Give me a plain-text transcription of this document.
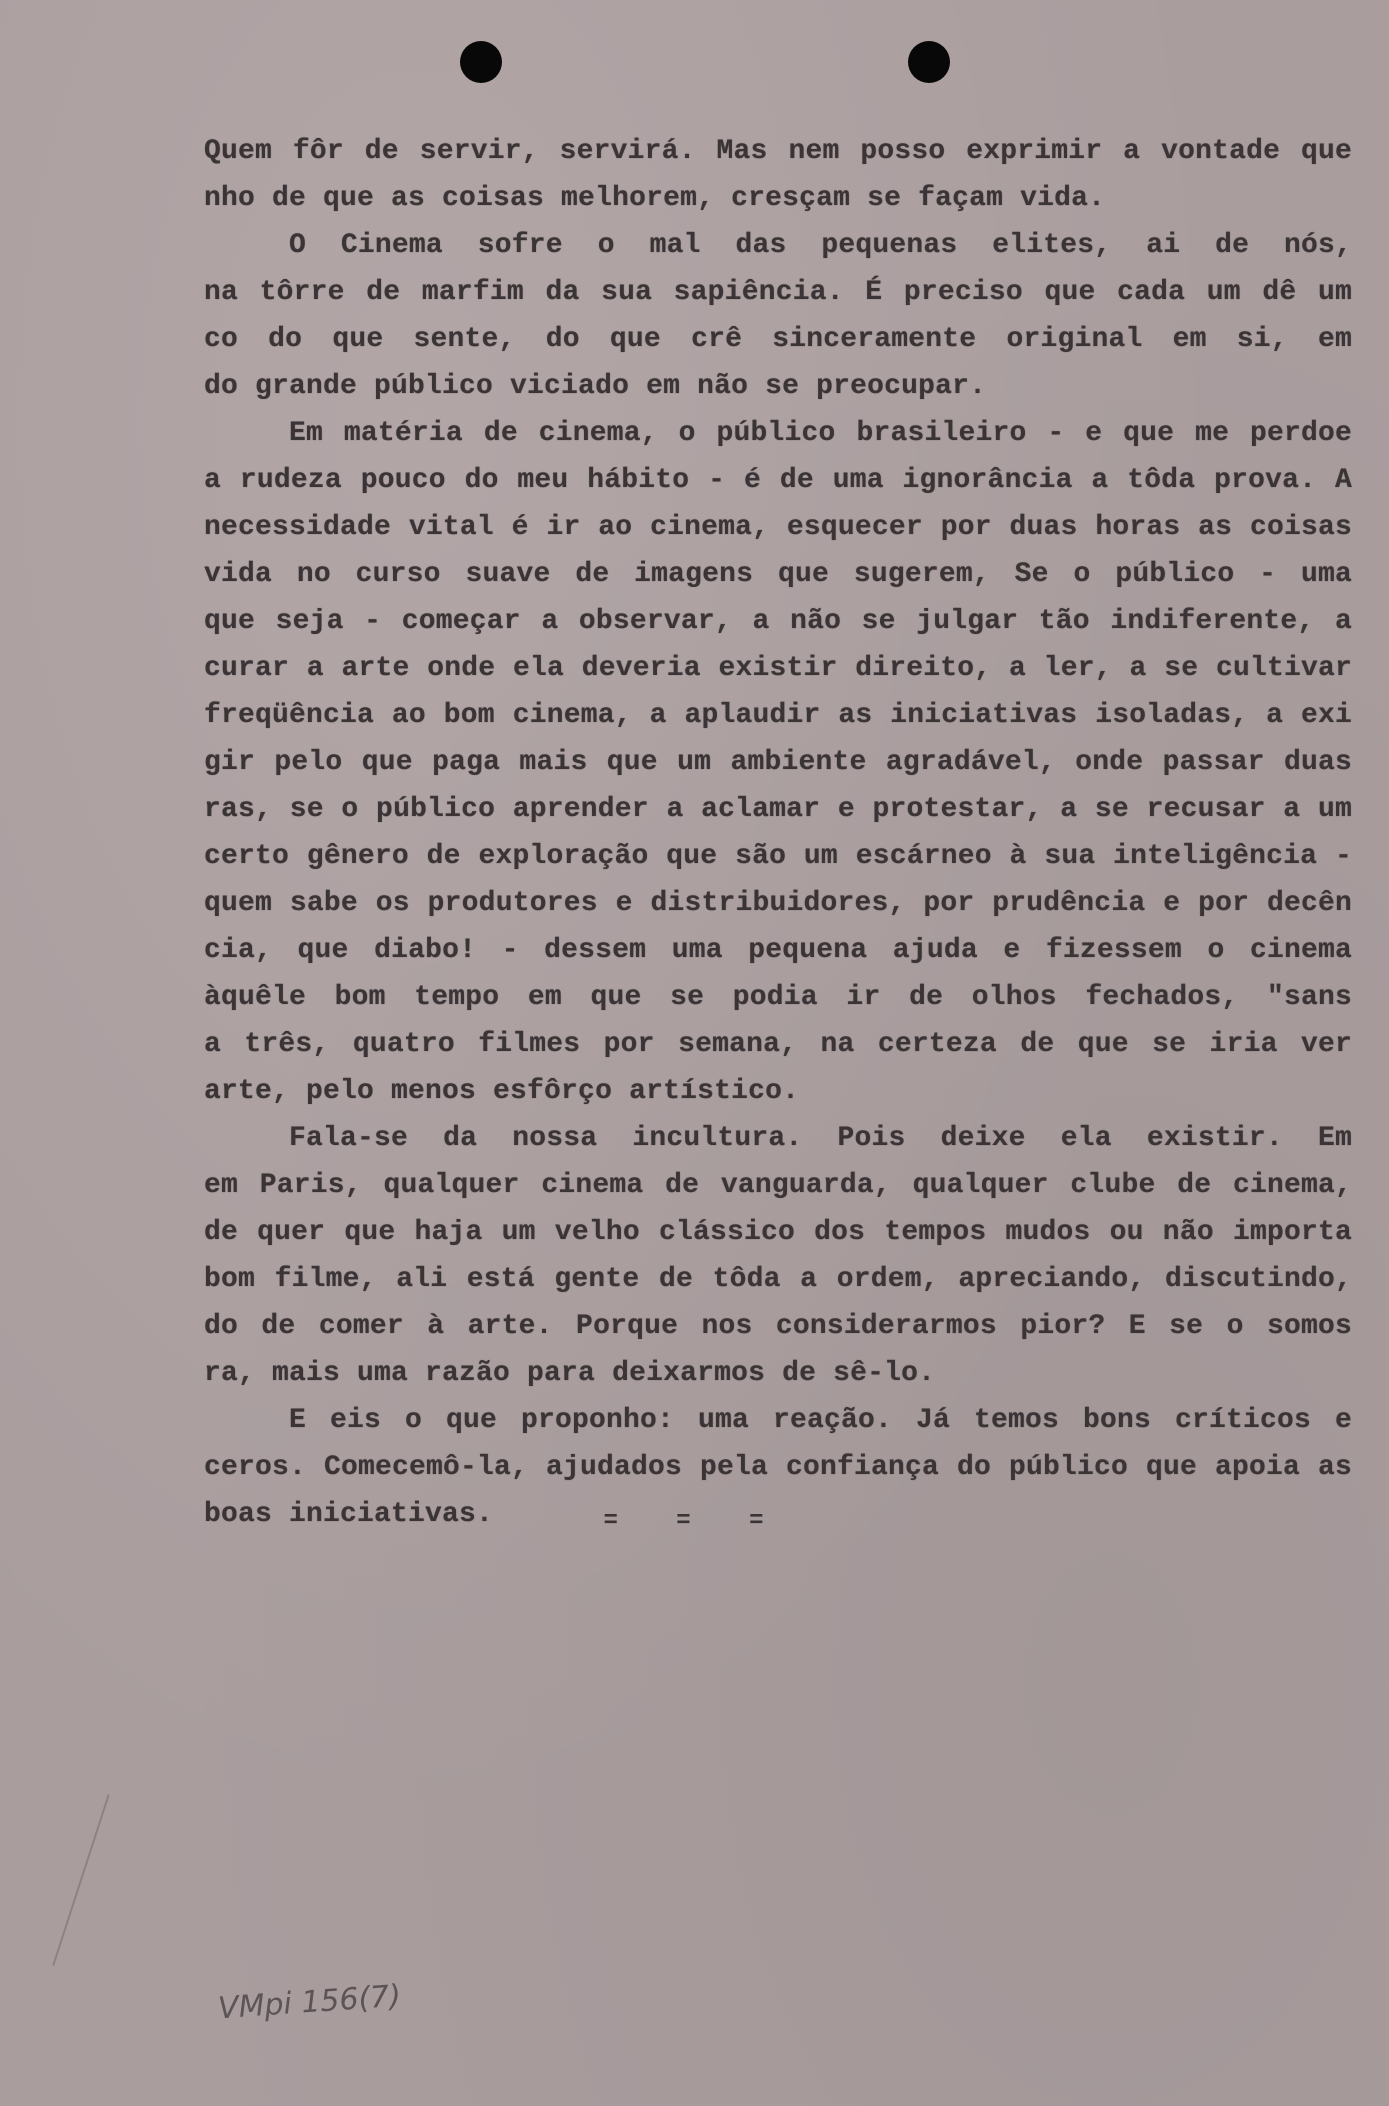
Quem fôr de servir, servirá. Mas nem posso exprimir a vontade que
nho de que as coisas melhorem, cresçam se façam vida.
O Cinema sofre o mal das pequenas elites, ai de nós,
na tôrre de marfim da sua sapiência. É preciso que cada um dê um
co do que sente, do que crê sinceramente original em si, em
do grande público viciado em não se preocupar.
Em matéria de cinema, o público brasileiro - e que me perdoe
a rudeza pouco do meu hábito - é de uma ignorância a tôda prova. A
necessidade vital é ir ao cinema, esquecer por duas horas as coisas
vida no curso suave de imagens que sugerem, Se o público - uma
que seja - começar a observar, a não se julgar tão indiferente, a
curar a arte onde ela deveria existir direito, a ler, a se cultivar
freqüência ao bom cinema, a aplaudir as iniciativas isoladas, a exi
gir pelo que paga mais que um ambiente agradável, onde passar duas
ras, se o público aprender a aclamar e protestar, a se recusar a um
certo gênero de exploração que são um escárneo à sua inteligência -
quem sabe os produtores e distribuidores, por prudência e por decên
cia, que diabo! - dessem uma pequena ajuda e fizessem o cinema
àquêle bom tempo em que se podia ir de olhos fechados, "sans
a três, quatro filmes por semana, na certeza de que se iria ver
arte, pelo menos esfôrço artístico.
Fala-se da nossa incultura. Pois deixe ela existir. Em
em Paris, qualquer cinema de vanguarda, qualquer clube de cinema,
de quer que haja um velho clássico dos tempos mudos ou não importa
bom filme, ali está gente de tôda a ordem, apreciando, discutindo,
do de comer à arte. Porque nos considerarmos pior? E se o somos
ra, mais uma razão para deixarmos de sê-lo.
E eis o que proponho: uma reação. Já temos bons críticos e
ceros. Comecemô-la, ajudados pela confiança do público que apoia as
boas iniciativas.	= = =
VMpi 156(7)
